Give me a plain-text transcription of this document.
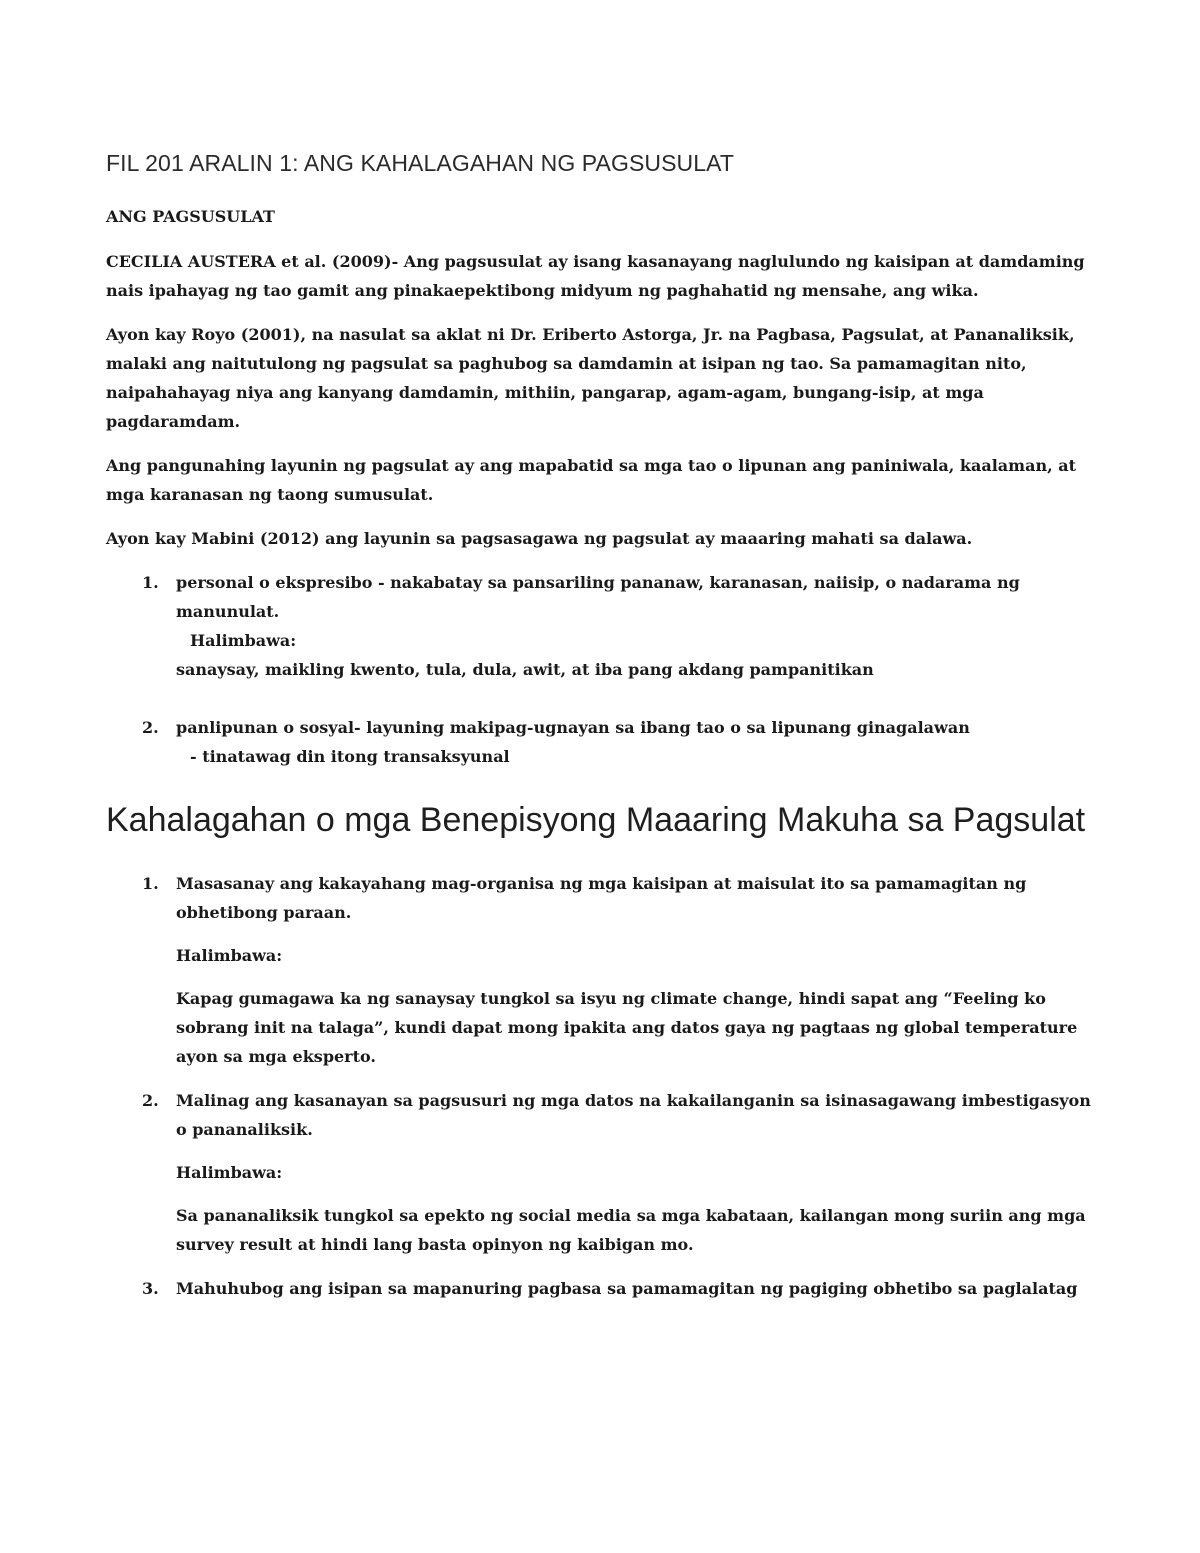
FIL 201 ARALIN 1: ANG KAHALAGAHAN NG PAGSUSULAT
ANG PAGSUSULAT

CECILIA AUSTERA et al. (2009)- Ang pagsusulat ay isang kasanayang naglulundo ng kaisipan at damdaming nais ipahayag ng tao gamit ang pinakaepektibong midyum ng paghahatid ng mensahe, ang wika.

Ayon kay Royo (2001), na nasulat sa aklat ni Dr. Eriberto Astorga, Jr. na Pagbasa, Pagsulat, at Pananaliksik, malaki ang naitutulong ng pagsulat sa paghubog sa damdamin at isipan ng tao. Sa pamamagitan nito, naipahahayag niya ang kanyang damdamin, mithiin, pangarap, agam-agam, bungang-isip, at mga pagdaramdam.

Ang pangunahing layunin ng pagsulat ay ang mapabatid sa mga tao o lipunan ang paniniwala, kaalaman, at mga karanasan ng taong sumusulat.

Ayon kay Mabini (2012) ang layunin sa pagsasagawa ng pagsulat ay maaaring mahati sa dalawa.

1. personal o ekspresibo - nakabatay sa pansariling pananaw, karanasan, naiisip, o nadarama ng manunulat.
Halimbawa:
sanaysay, maikling kwento, tula, dula, awit, at iba pang akdang pampanitikan
2. panlipunan o sosyal- layuning makipag-ugnayan sa ibang tao o sa lipunang ginagalawan
- tinatawag din itong transaksyunal
Kahalagahan o mga Benepisyong Maaaring Makuha sa Pagsulat
1. Masasanay ang kakayahang mag-organisa ng mga kaisipan at maisulat ito sa pamamagitan ng obhetibong paraan.
Halimbawa:
Kapag gumagawa ka ng sanaysay tungkol sa isyu ng climate change, hindi sapat ang “Feeling ko sobrang init na talaga”, kundi dapat mong ipakita ang datos gaya ng pagtaas ng global temperature ayon sa mga eksperto.
2. Malinag ang kasanayan sa pagsusuri ng mga datos na kakailanganin sa isinasagawang imbestigasyon o pananaliksik.
Halimbawa:
Sa pananaliksik tungkol sa epekto ng social media sa mga kabataan, kailangan mong suriin ang mga survey result at hindi lang basta opinyon ng kaibigan mo.
3. Mahuhubog ang isipan sa mapanuring pagbasa sa pamamagitan ng pagiging obhetibo sa paglalatag
